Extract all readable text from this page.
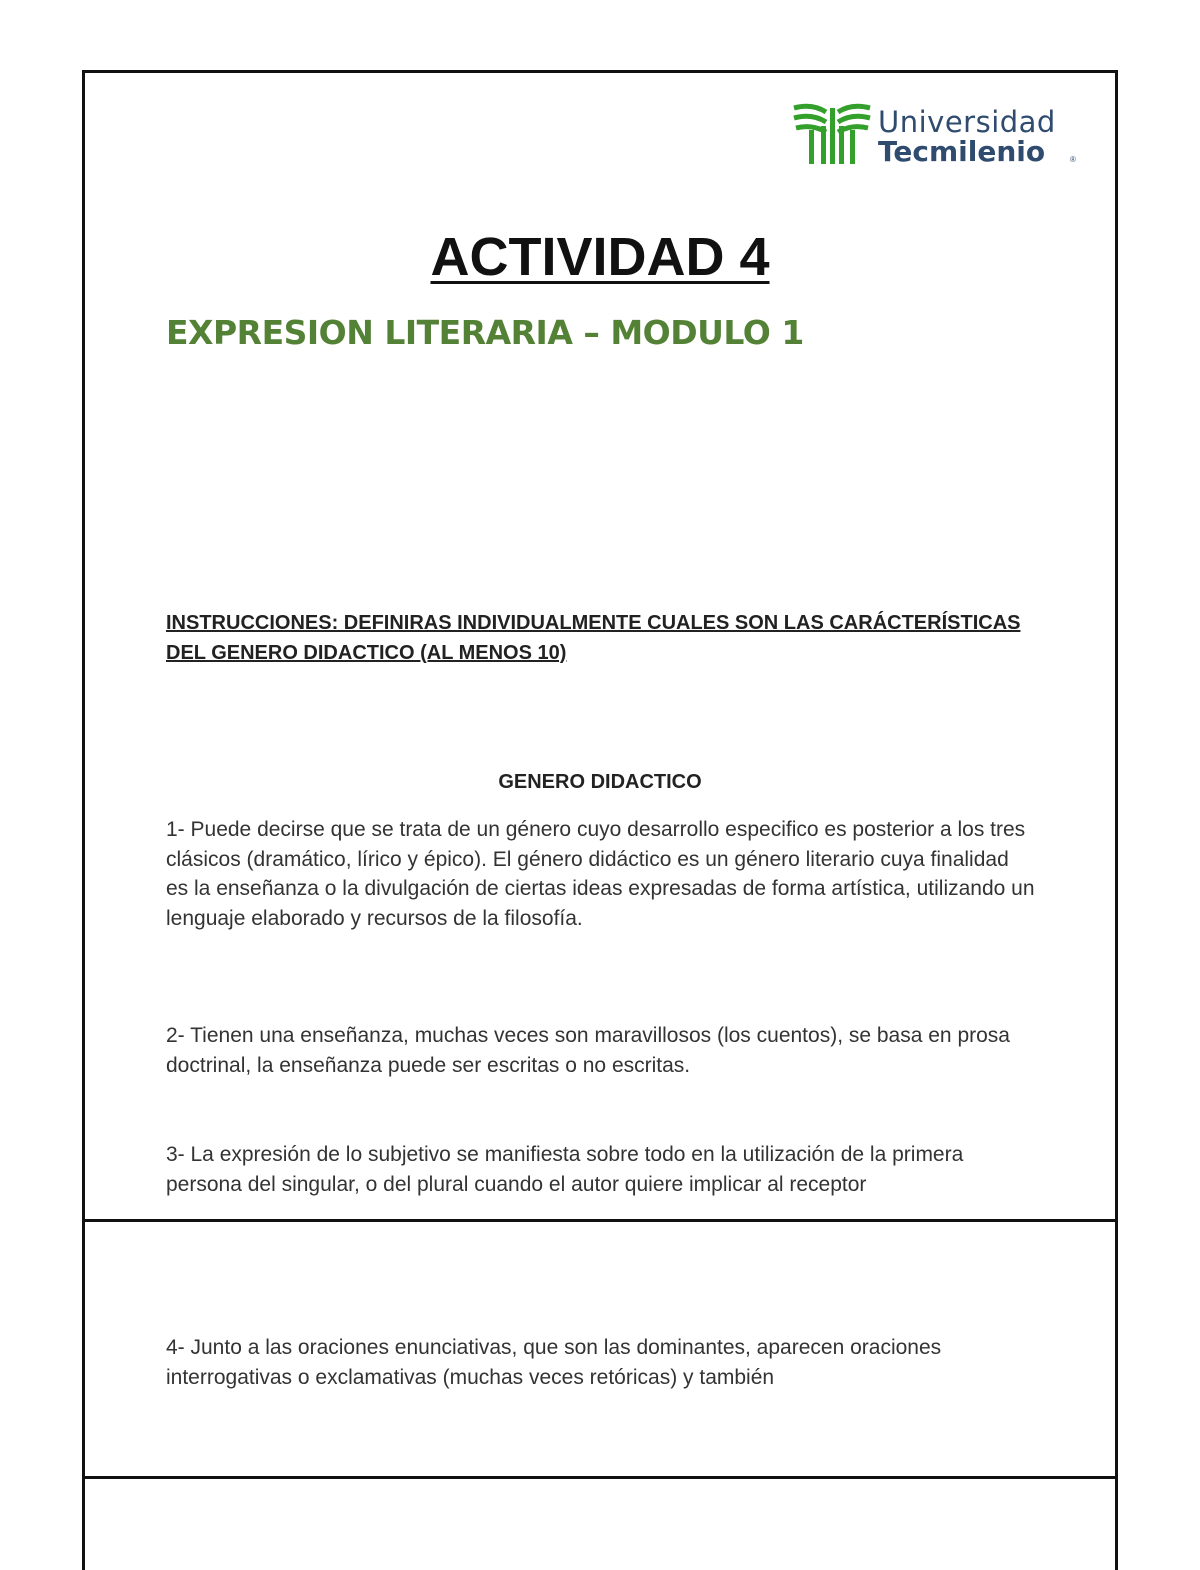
Universidad
Tecmilenio	®
ACTIVIDAD 4
EXPRESION LITERARIA – MODULO 1

INSTRUCCIONES: DEFINIRAS INDIVIDUALMENTE CUALES SON LAS CARÁCTERÍSTICAS DEL GENERO DIDACTICO (AL MENOS 10)

GENERO DIDACTICO

1- Puede decirse que se trata de un género cuyo desarrollo especifico es posterior a los tres clásicos (dramático, lírico y épico). El género didáctico es un género literario cuya finalidad es la enseñanza o la divulgación de ciertas ideas expresadas de forma artística, utilizando un lenguaje elaborado y recursos de la filosofía.

2- Tienen una enseñanza, muchas veces son maravillosos (los cuentos), se basa en prosa doctrinal, la enseñanza puede ser escritas o no escritas.

3- La expresión de lo subjetivo se manifiesta sobre todo en la utilización de la primera persona del singular, o del plural cuando el autor quiere implicar al receptor

4- Junto a las oraciones enunciativas, que son las dominantes, aparecen oraciones interrogativas o exclamativas (muchas veces retóricas) y también
